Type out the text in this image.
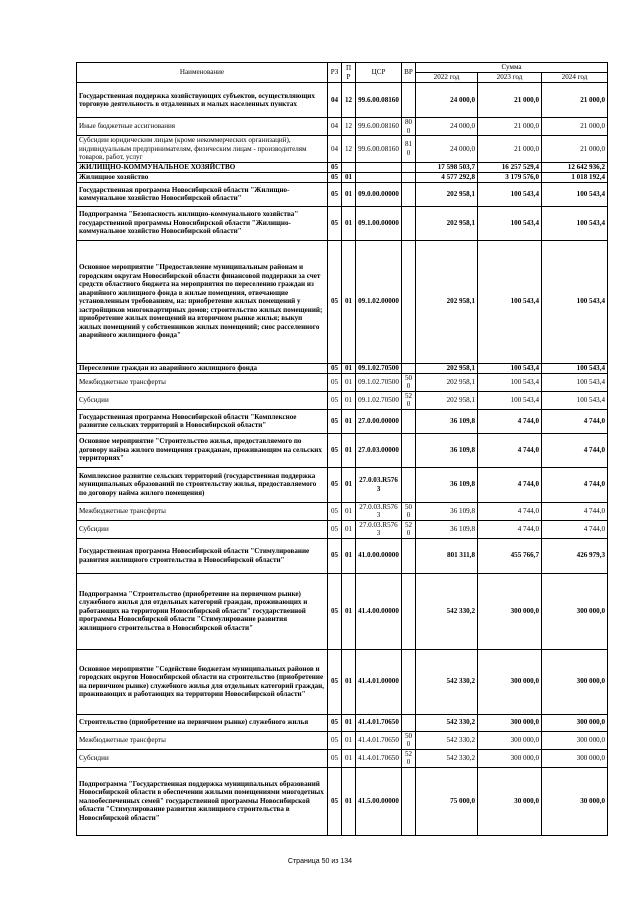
Наименование	РЗ	ПР	ЦСР	ВР	Сумма		
					2022 год	2023 год	2024 год
Государственная поддержка хозяйствующих субъектов, осуществляющих торговую деятельность в отдаленных и малых населенных пунктах	04	12	99.6.00.08160		24 000,0	21 000,0	21 000,0
Иные бюджетные ассигнования	04	12	99.6.00.08160	800	24 000,0	21 000,0	21 000,0
Субсидии юридическим лицам (кроме некоммерческих организаций), индивидуальным предпринимателям, физическим лицам - производителям товаров, работ, услуг	04	12	99.6.00.08160	810	24 000,0	21 000,0	21 000,0
ЖИЛИЩНО-КОММУНАЛЬНОЕ ХОЗЯЙСТВО	05				17 598 503,7	16 257 529,4	12 642 936,2
Жилищное хозяйство	05	01			4 577 292,8	3 179 576,0	1 018 192,4
Государственная программа Новосибирской области "Жилищно-коммунальное хозяйство Новосибирской области"	05	01	09.0.00.00000		202 958,1	100 543,4	100 543,4
Подпрограмма "Безопасность жилищно-коммунального хозяйства" государственной программы Новосибирской области "Жилищно-коммунальное хозяйство Новосибирской области"	05	01	09.1.00.00000		202 958,1	100 543,4	100 543,4
Основное мероприятие "Предоставление муниципальным районам и городским округам Новосибирской области финансовой поддержки за счет средств областного бюджета на мероприятия по переселению граждан из аварийного жилищного фонда в жилые помещения, отвечающие установленным требованиям, на: приобретение жилых помещений у застройщиков многоквартирных домов; строительство жилых помещений; приобретение жилых помещений на вторичном рынке жилья; выкуп жилых помещений у собственников жилых помещений; снос расселенного аварийного жилищного фонда"	05	01	09.1.02.00000		202 958,1	100 543,4	100 543,4
Переселение граждан из аварийного жилищного фонда	05	01	09.1.02.70500		202 958,1	100 543,4	100 543,4
Межбюджетные трансферты	05	01	09.1.02.70500	500	202 958,1	100 543,4	100 543,4
Субсидии	05	01	09.1.02.70500	520	202 958,1	100 543,4	100 543,4
Государственная программа Новосибирской области "Комплексное развитие сельских территорий в Новосибирской области"	05	01	27.0.00.00000		36 109,8	4 744,0	4 744,0
Основное мероприятие "Строительство жилья, предоставляемого по договору найма жилого помещения гражданам, проживающим на сельских территориях"	05	01	27.0.03.00000		36 109,8	4 744,0	4 744,0
Комплексное развитие сельских территорий (государственная поддержка муниципальных образований по строительству жилья, предоставляемого по договору найма жилого помещения)	05	01	27.0.03.R5763		36 109,8	4 744,0	4 744,0
Межбюджетные трансферты	05	01	27.0.03.R5763	500	36 109,8	4 744,0	4 744,0
Субсидии	05	01	27.0.03.R5763	520	36 109,8	4 744,0	4 744,0
Государственная программа Новосибирской области "Стимулирование развития жилищного строительства в Новосибирской области"	05	01	41.0.00.00000		801 311,8	455 766,7	426 979,3
Подпрограмма "Строительство (приобретение на первичном рынке) служебного жилья для отдельных категорий граждан, проживающих и работающих на территории Новосибирской области" государственной программы Новосибирской области "Стимулирование развития жилищного строительства в Новосибирской области"	05	01	41.4.00.00000		542 330,2	300 000,0	300 000,0
Основное мероприятие "Содействие бюджетам муниципальных районов и городских округов Новосибирской области на строительство (приобретение на первичном рынке) служебного жилья для отдельных категорий граждан, проживающих и работающих на территории Новосибирской области"	05	01	41.4.01.00000		542 330,2	300 000,0	300 000,0
Строительство (приобретение на первичном рынке) служебного жилья	05	01	41.4.01.70650		542 330,2	300 000,0	300 000,0
Межбюджетные трансферты	05	01	41.4.01.70650	500	542 330,2	300 000,0	300 000,0
Субсидии	05	01	41.4.01.70650	520	542 330,2	300 000,0	300 000,0
Подпрограмма "Государственная поддержка муниципальных образований Новосибирской области в обеспечении жилыми помещениями многодетных малообеспеченных семей" государственной программы Новосибирской области "Стимулирование развития жилищного строительства в Новосибирской области"	05	01	41.5.00.00000		75 000,0	30 000,0	30 000,0
Страница 50 из 134
